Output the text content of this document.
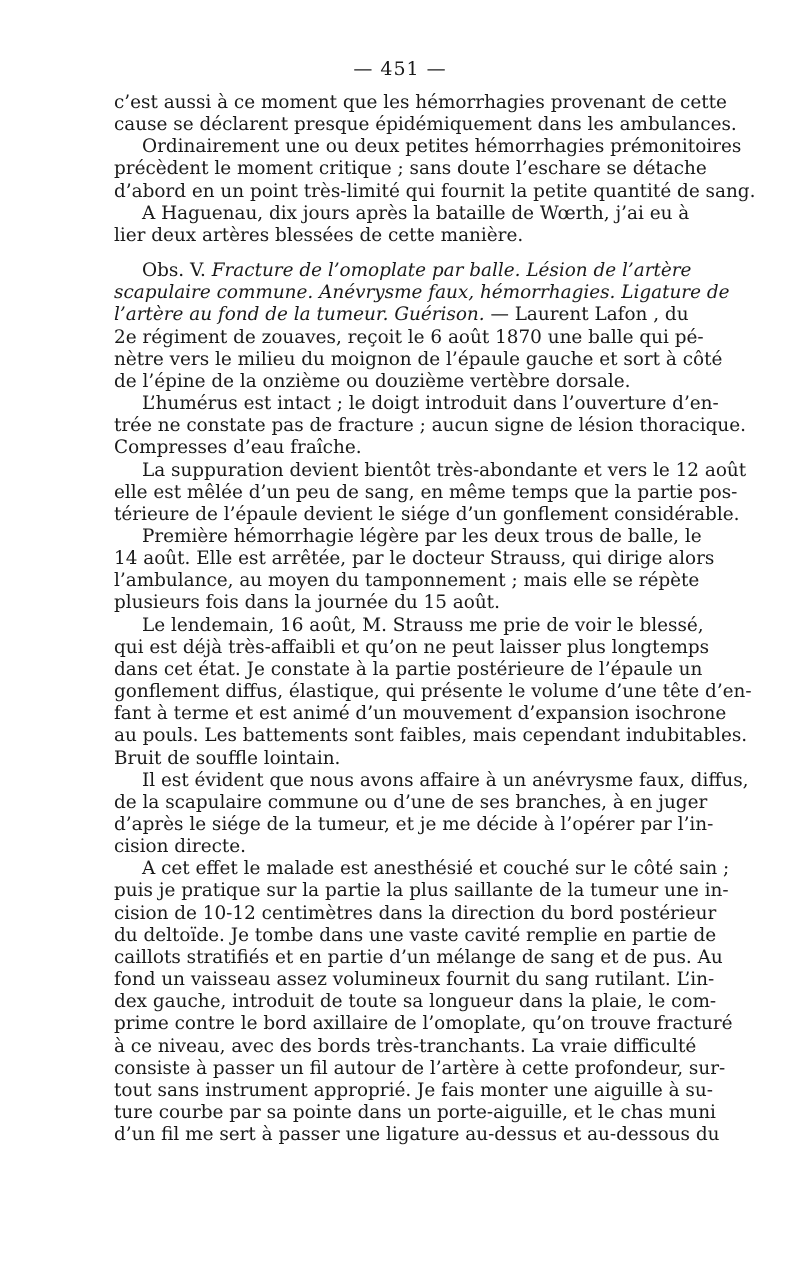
— 451 —
c’est aussi à ce moment que les hémorrhagies provenant de cette
cause se déclarent presque épidémiquement dans les ambulances.
Ordinairement une ou deux petites hémorrhagies prémonitoires
précèdent le moment critique ; sans doute l’eschare se détache
d’abord en un point très-limité qui fournit la petite quantité de sang.
A Haguenau, dix jours après la bataille de Wœrth, j’ai eu à
lier deux artères blessées de cette manière.
Obs. V. Fracture de l’omoplate par balle. Lésion de l’artère
scapulaire commune. Anévrysme faux, hémorrhagies. Ligature de
l’artère au fond de la tumeur. Guérison. — Laurent Lafon , du
2e régiment de zouaves, reçoit le 6 août 1870 une balle qui pé-
nètre vers le milieu du moignon de l’épaule gauche et sort à côté
de l’épine de la onzième ou douzième vertèbre dorsale.
L’humérus est intact ; le doigt introduit dans l’ouverture d’en-
trée ne constate pas de fracture ; aucun signe de lésion thoracique.
Compresses d’eau fraîche.
La suppuration devient bientôt très-abondante et vers le 12 août
elle est mêlée d’un peu de sang, en même temps que la partie pos-
térieure de l’épaule devient le siége d’un gonflement considérable.
Première hémorrhagie légère par les deux trous de balle, le
14 août. Elle est arrêtée, par le docteur Strauss, qui dirige alors
l’ambulance, au moyen du tamponnement ; mais elle se répète
plusieurs fois dans la journée du 15 août.
Le lendemain, 16 août, M. Strauss me prie de voir le blessé,
qui est déjà très-affaibli et qu’on ne peut laisser plus longtemps
dans cet état. Je constate à la partie postérieure de l’épaule un
gonflement diffus, élastique, qui présente le volume d’une tête d’en-
fant à terme et est animé d’un mouvement d’expansion isochrone
au pouls. Les battements sont faibles, mais cependant indubitables.
Bruit de souffle lointain.
Il est évident que nous avons affaire à un anévrysme faux, diffus,
de la scapulaire commune ou d’une de ses branches, à en juger
d’après le siége de la tumeur, et je me décide à l’opérer par l’in-
cision directe.
A cet effet le malade est anesthésié et couché sur le côté sain ;
puis je pratique sur la partie la plus saillante de la tumeur une in-
cision de 10-12 centimètres dans la direction du bord postérieur
du deltoïde. Je tombe dans une vaste cavité remplie en partie de
caillots stratifiés et en partie d’un mélange de sang et de pus. Au
fond un vaisseau assez volumineux fournit du sang rutilant. L’in-
dex gauche, introduit de toute sa longueur dans la plaie, le com-
prime contre le bord axillaire de l’omoplate, qu’on trouve fracturé
à ce niveau, avec des bords très-tranchants. La vraie difficulté
consiste à passer un fil autour de l’artère à cette profondeur, sur-
tout sans instrument approprié. Je fais monter une aiguille à su-
ture courbe par sa pointe dans un porte-aiguille, et le chas muni
d’un fil me sert à passer une ligature au-dessus et au-dessous du
